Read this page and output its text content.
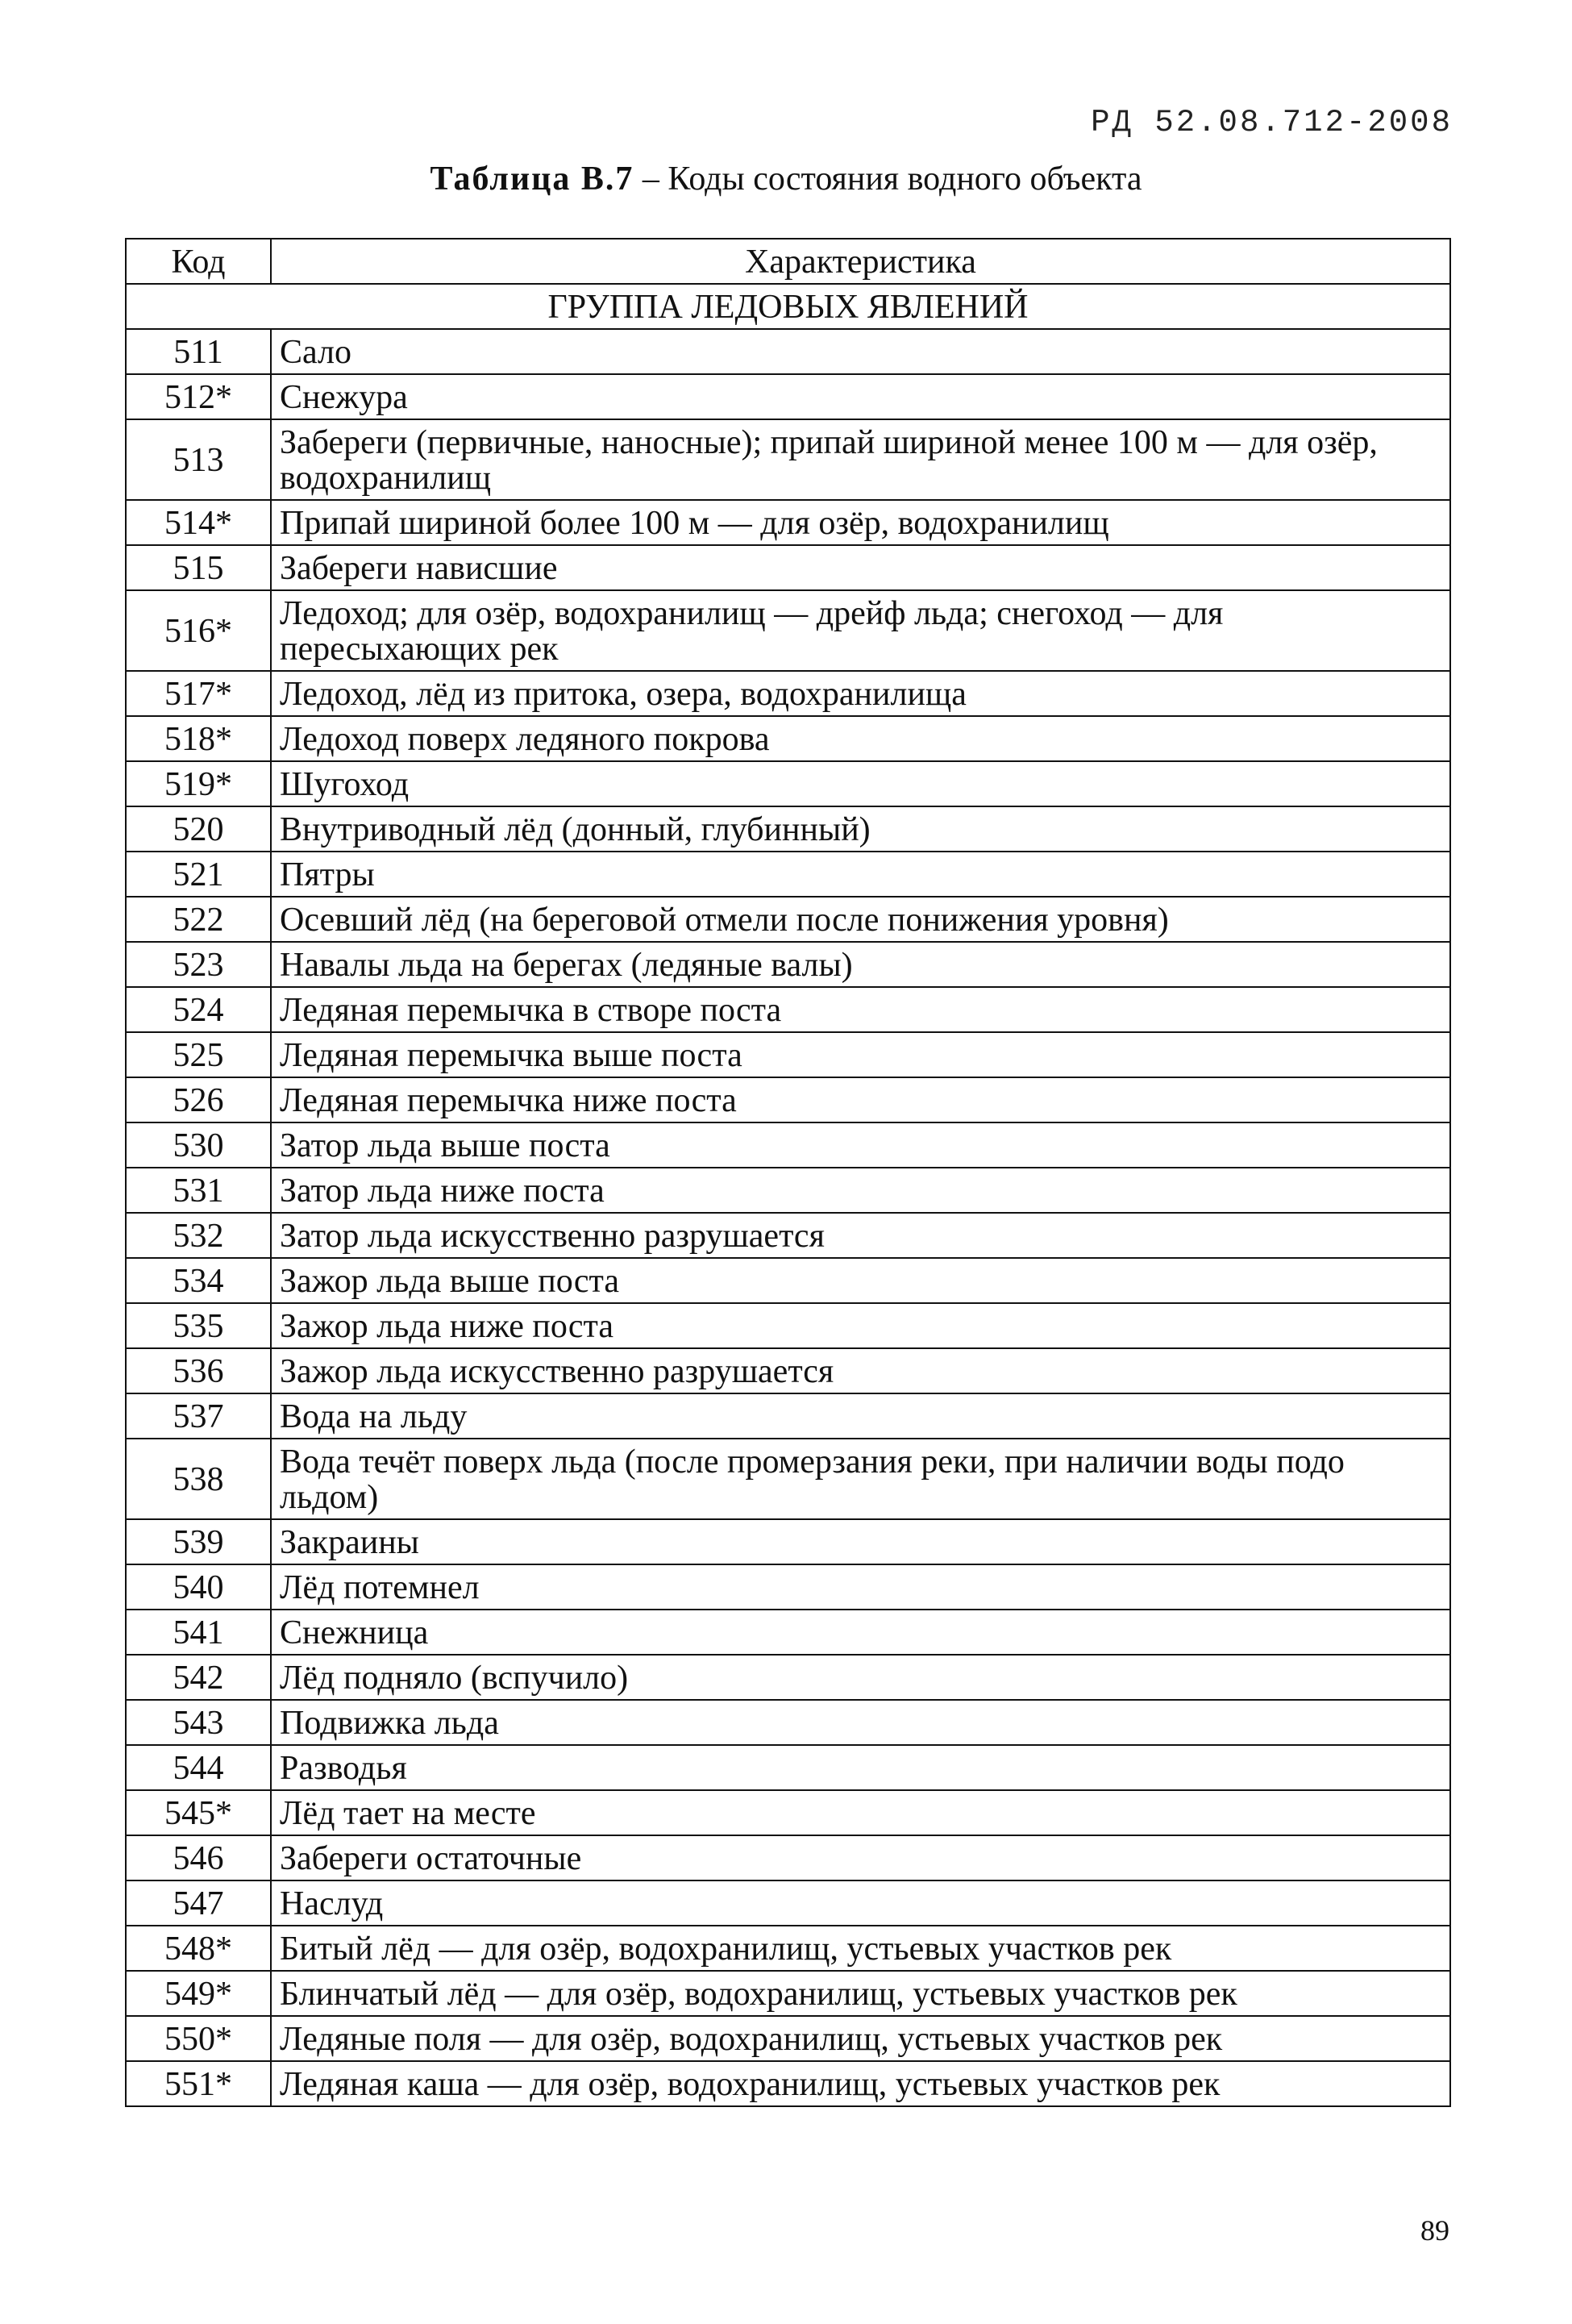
РД 52.08.712-2008
Таблица В.7 – Коды состояния водного объекта
Код	Характеристика
ГРУППА ЛЕДОВЫХ ЯВЛЕНИЙ	
511	Сало
512*	Снежура
513	Забереги (первичные, наносные); припай шириной менее 100 м — для озёр, водохранилищ
514*	Припай шириной более 100 м — для озёр, водохранилищ
515	Забереги нависшие
516*	Ледоход; для озёр, водохранилищ — дрейф льда; снегоход — для пересыхающих рек
517*	Ледоход, лёд из притока, озера, водохранилища
518*	Ледоход поверх ледяного покрова
519*	Шугоход
520	Внутриводный лёд (донный, глубинный)
521	Пятры
522	Осевший лёд (на береговой отмели после понижения уровня)
523	Навалы льда на берегах (ледяные валы)
524	Ледяная перемычка в створе поста
525	Ледяная перемычка выше поста
526	Ледяная перемычка ниже поста
530	Затор льда выше поста
531	Затор льда ниже поста
532	Затор льда искусственно разрушается
534	Зажор льда выше поста
535	Зажор льда ниже поста
536	Зажор льда искусственно разрушается
537	Вода на льду
538	Вода течёт поверх льда (после промерзания реки, при наличии воды подо льдом)
539	Закраины
540	Лёд потемнел
541	Снежница
542	Лёд подняло (вспучило)
543	Подвижка льда
544	Разводья
545*	Лёд тает на месте
546	Забереги остаточные
547	Наслуд
548*	Битый лёд — для озёр, водохранилищ, устьевых участков рек
549*	Блинчатый лёд — для озёр, водохранилищ, устьевых участков рек
550*	Ледяные поля — для озёр, водохранилищ, устьевых участков рек
551*	Ледяная каша — для озёр, водохранилищ, устьевых участков рек
89
